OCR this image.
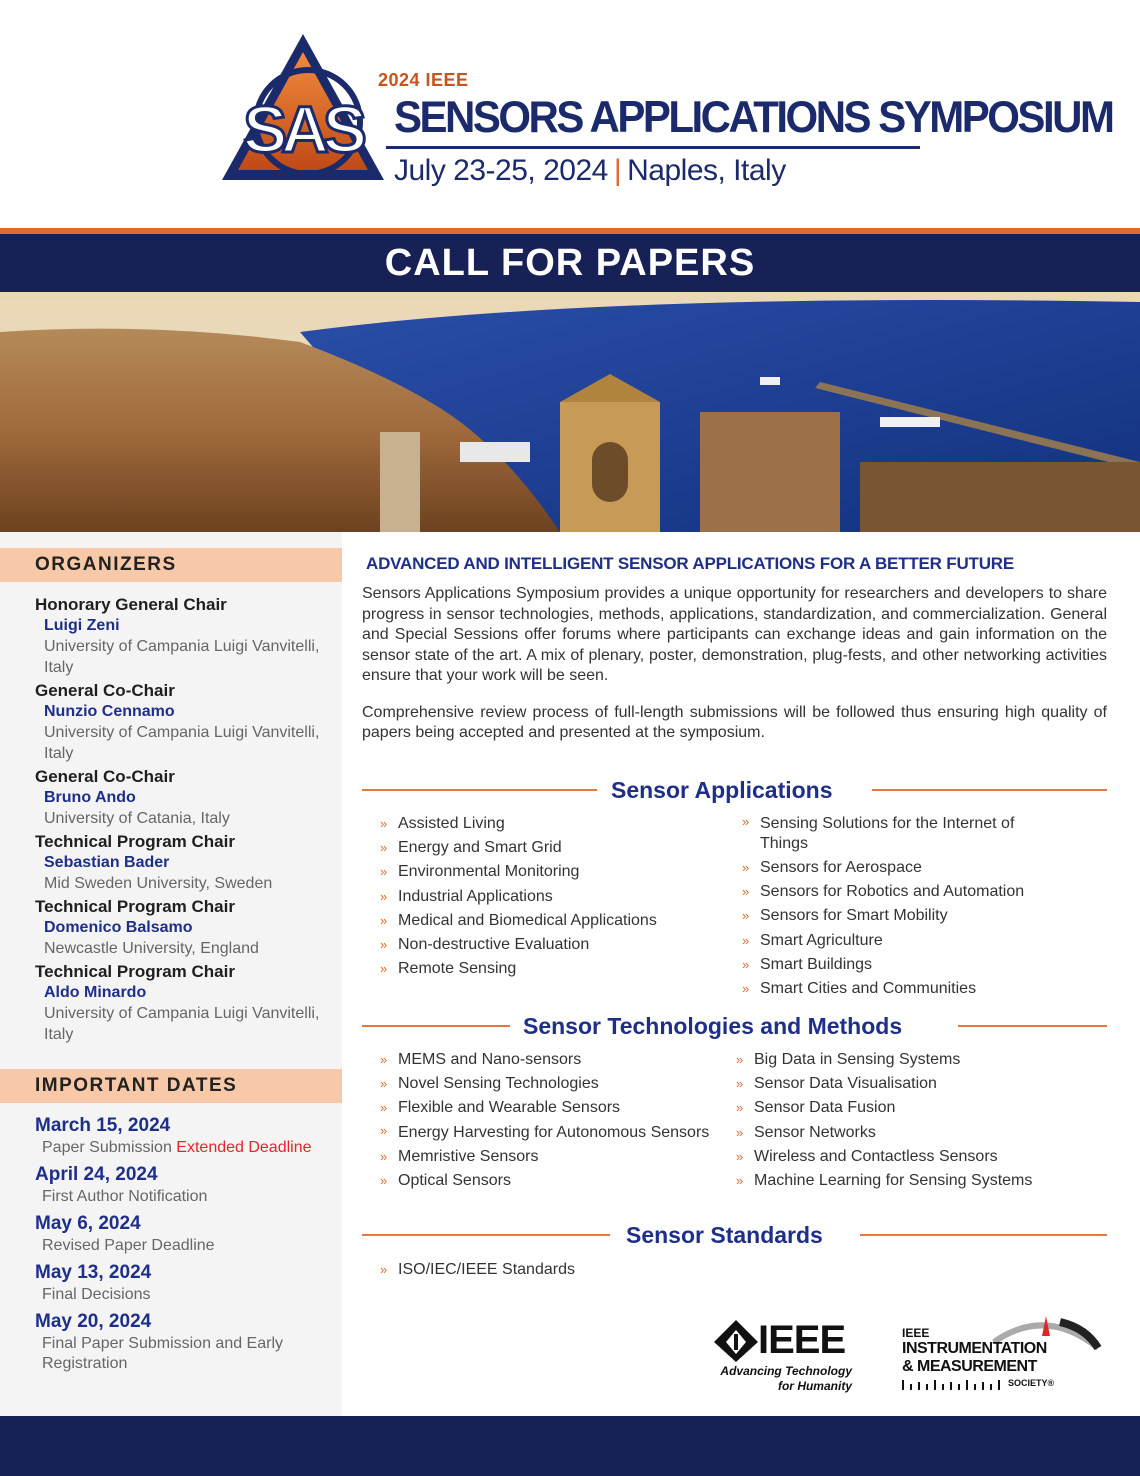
SAS
2024 IEEE
SENSORS APPLICATIONS SYMPOSIUM
July 23-25, 2024 | Naples, Italy
CALL FOR PAPERS
ORGANIZERS
Honorary General Chair
Luigi Zeni
University of Campania Luigi Vanvitelli, Italy
General Co-Chair
Nunzio Cennamo
University of Campania Luigi Vanvitelli, Italy
General Co-Chair
Bruno Ando
University of Catania, Italy
Technical Program Chair
Sebastian Bader
Mid Sweden University, Sweden
Technical Program Chair
Domenico Balsamo
Newcastle University, England
Technical Program Chair
Aldo Minardo
University of Campania Luigi Vanvitelli, Italy
IMPORTANT DATES
March 15, 2024
Paper Submission Extended Deadline
April 24, 2024
First Author Notification
May 6, 2024
Revised Paper Deadline
May 13, 2024
Final Decisions
May 20, 2024
Final Paper Submission and Early Registration
ADVANCED AND INTELLIGENT SENSOR APPLICATIONS FOR A BETTER FUTURE

Sensors Applications Symposium provides a unique opportunity for researchers and developers to share progress in sensor technologies, methods, applications, standardization, and commercialization. General and Special Sessions offer forums where participants can exchange ideas and gain information on the sensor state of the art. A mix of plenary, poster, demonstration, plug-fests, and other networking activities ensure that your work will be seen.

Comprehensive review process of full-length submissions will be followed thus ensuring high quality of papers being accepted and presented at the symposium.

Sensor Applications
» Assisted Living
» Energy and Smart Grid
» Environmental Monitoring
» Industrial Applications
» Medical and Biomedical Applications
» Non-destructive Evaluation
» Remote Sensing
» Sensing Solutions for the Internet of Things
» Sensors for Aerospace
» Sensors for Robotics and Automation
» Sensors for Smart Mobility
» Smart Agriculture
» Smart Buildings
» Smart Cities and Communities
Sensor Technologies and Methods
» MEMS and Nano-sensors
» Novel Sensing Technologies
» Flexible and Wearable Sensors
» Energy Harvesting for Autonomous Sensors
» Memristive Sensors
» Optical Sensors
» Big Data in Sensing Systems
» Sensor Data Visualisation
» Sensor Data Fusion
» Sensor Networks
» Wireless and Contactless Sensors
» Machine Learning for Sensing Systems
Sensor Standards
» ISO/IEC/IEEE Standards
IEEE
Advancing Technology
for Humanity
IEEE
INSTRUMENTATION
& MEASUREMENT
SOCIETY®
